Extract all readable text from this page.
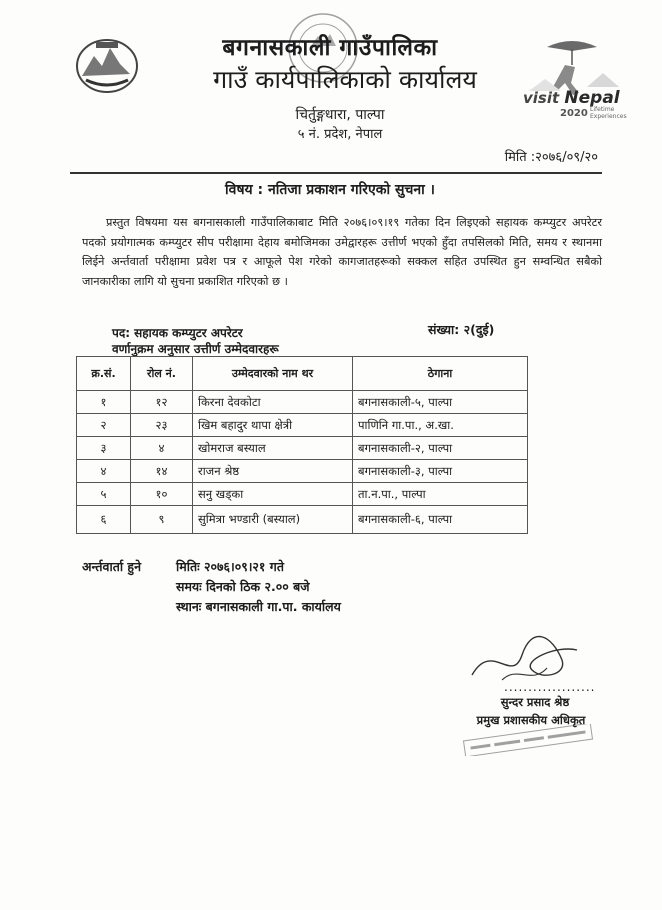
बगनासकाली गाउँपालिका
गाउँ कार्यपालिकाको कार्यालय
चिर्तुङ्गधारा, पाल्पा
५ नं. प्रदेश, नेपाल
visit Nepal
2020 Lifetime
Experiences
मिति :२०७६/०९/२०
विषय : नतिजा प्रकाशन गरिएको सुचना ।
प्रस्तुत विषयमा यस बगनासकाली गाउँपालिकाबाट मिति २०७६।०९।१९ गतेका दिन लिइएको सहायक कम्प्युटर अपरेटर पदको प्रयोगात्मक कम्प्युटर सीप परीक्षामा देहाय बमोजिमका उमेद्वारहरू उत्तीर्ण भएको हुँदा तपसिलको मिति, समय र स्थानमा लिईने अर्न्तवार्ता परीक्षामा प्रवेश पत्र र आफूले पेश गरेको कागजातहरूको सक्कल सहित उपस्थित हुन सम्वन्धित सबैको जानकारीका लागि यो सुचना प्रकाशित गरिएको छ ।
पद: सहायक कम्प्युटर अपरेटर	संख्या: २(दुई)
वर्णानुक्रम अनुसार उत्तीर्ण उम्मेदवारहरू
क्र.सं.	रोल नं.	उम्मेदवारको नाम थर	ठेगाना
१	१२	किरना देवकोटा	बगनासकाली-५, पाल्पा
२	२३	खिम बहादुर थापा क्षेत्री	पाणिनि गा.पा., अ.खा.
३	४	खोमराज बस्याल	बगनासकाली-२, पाल्पा
४	१४	राजन श्रेष्ठ	बगनासकाली-३, पाल्पा
५	१०	सनु खड्का	ता.न.पा., पाल्पा
६	९	सुमित्रा भण्डारी (बस्याल)	बगनासकाली-६, पाल्पा
अर्न्तवार्ता हुने	मितिः २०७६।०९।२१ गते
समयः दिनको ठिक २.०० बजे
स्थानः बगनासकाली गा.पा. कार्यालय
...................
सुन्दर प्रसाद श्रेष्ठ
प्रमुख प्रशासकीय अधिकृत
